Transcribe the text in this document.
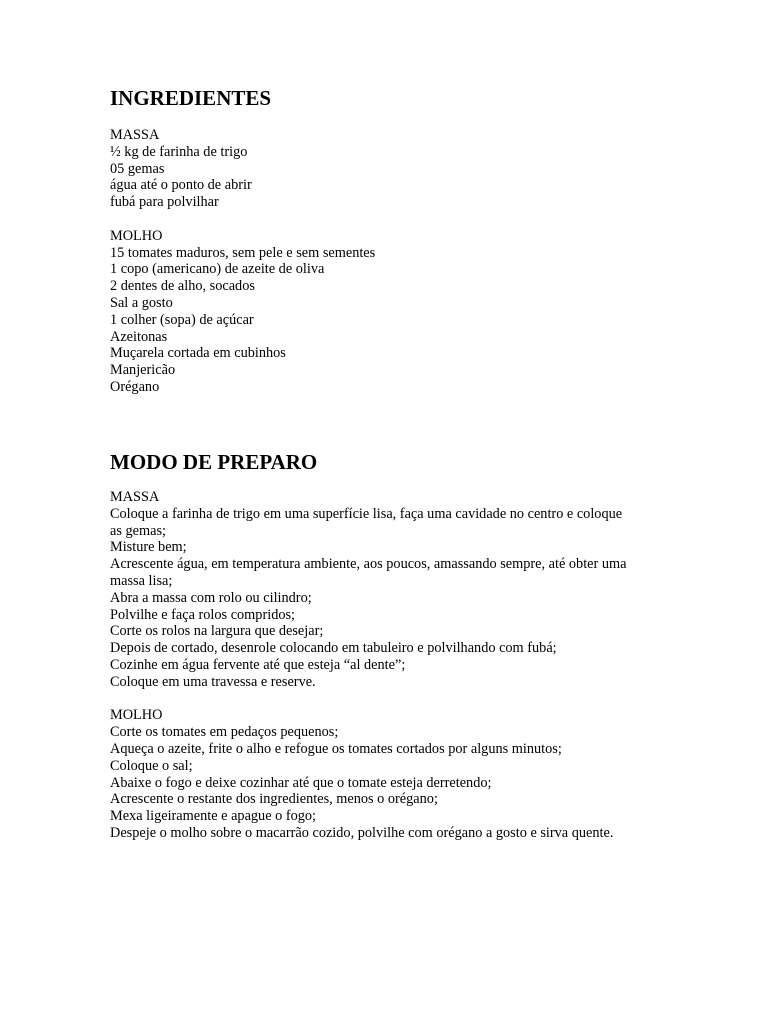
INGREDIENTES
MASSA
½ kg de farinha de trigo
05 gemas
água até o ponto de abrir
fubá para polvilhar
MOLHO
15 tomates maduros, sem pele e sem sementes
1 copo (americano) de azeite de oliva
2 dentes de alho, socados
Sal a gosto
1 colher (sopa) de açúcar
Azeitonas
Muçarela cortada em cubinhos
Manjericão
Orégano
MODO DE PREPARO
MASSA
Coloque a farinha de trigo em uma superfície lisa, faça uma cavidade no centro e coloque as gemas;
Misture bem;
Acrescente água, em temperatura ambiente, aos poucos, amassando sempre, até obter uma massa lisa;
Abra a massa com rolo ou cilindro;
Polvilhe e faça rolos compridos;
Corte os rolos na largura que desejar;
Depois de cortado, desenrole colocando em tabuleiro e polvilhando com fubá;
Cozinhe em água fervente até que esteja “al dente”;
Coloque em uma travessa e reserve.
MOLHO
Corte os tomates em pedaços pequenos;
Aqueça o azeite, frite o alho e refogue os tomates cortados por alguns minutos;
Coloque o sal;
Abaixe o fogo e deixe cozinhar até que o tomate esteja derretendo;
Acrescente o restante dos ingredientes, menos o orégano;
Mexa ligeiramente e apague o fogo;
Despeje o molho sobre o macarrão cozido, polvilhe com orégano a gosto e sirva quente.
